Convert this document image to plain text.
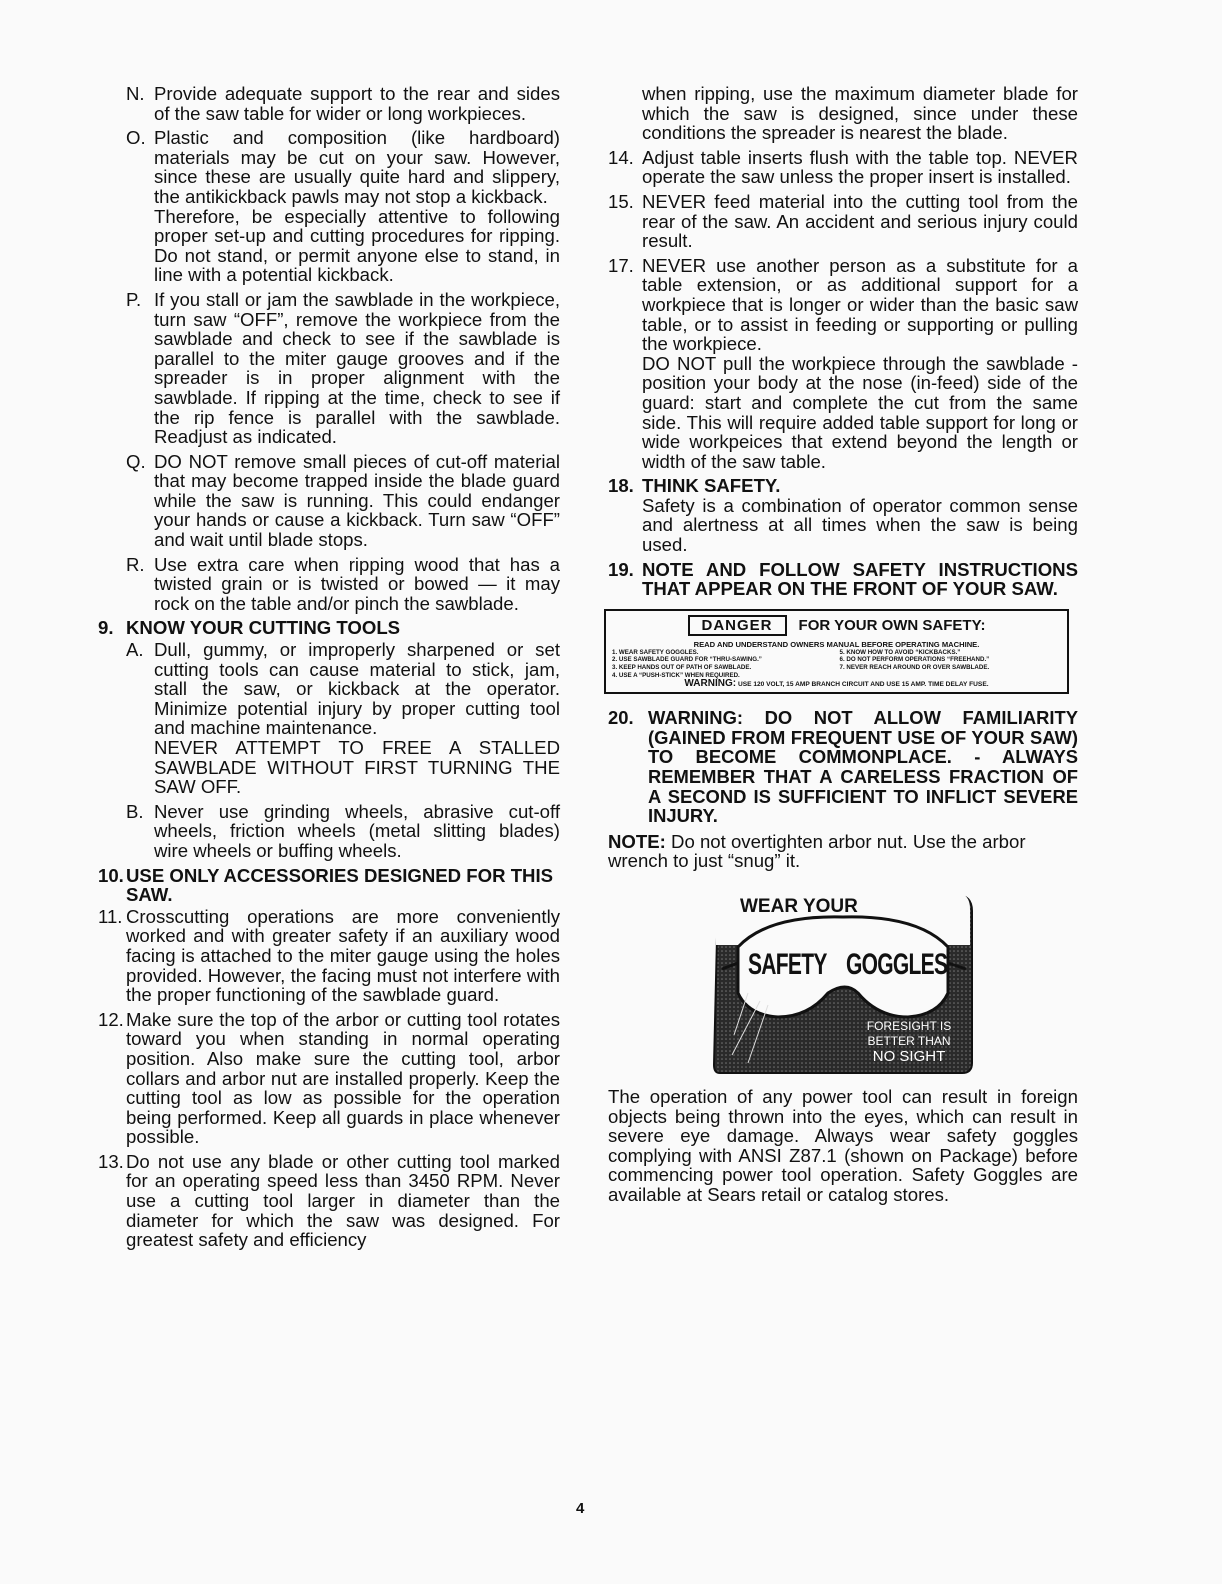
N. Provide adequate support to the rear and sides of the saw table for wider or long workpieces.
O. Plastic and composition (like hardboard) materials may be cut on your saw. However, since these are usually quite hard and slippery, the antikickback pawls may not stop a kickback.
Therefore, be especially attentive to following proper set-up and cutting procedures for ripping. Do not stand, or permit anyone else to stand, in line with a potential kickback.
P. If you stall or jam the sawblade in the workpiece, turn saw “OFF”, remove the workpiece from the sawblade and check to see if the sawblade is parallel to the miter gauge grooves and if the spreader is in proper alignment with the sawblade. If ripping at the time, check to see if the rip fence is parallel with the sawblade. Readjust as indicated.
Q. DO NOT remove small pieces of cut-off material that may become trapped inside the blade guard while the saw is running. This could endanger your hands or cause a kickback. Turn saw “OFF” and wait until blade stops.
R. Use extra care when ripping wood that has a twisted grain or is twisted or bowed — it may rock on the table and/or pinch the sawblade.
9. KNOW YOUR CUTTING TOOLS
A. Dull, gummy, or improperly sharpened or set cutting tools can cause material to stick, jam, stall the saw, or kickback at the operator. Minimize potential injury by proper cutting tool and machine maintenance.
NEVER ATTEMPT TO FREE A STALLED SAWBLADE WITHOUT FIRST TURNING THE SAW OFF.
B. Never use grinding wheels, abrasive cut-off wheels, friction wheels (metal slitting blades) wire wheels or buffing wheels.
10. USE ONLY ACCESSORIES DESIGNED FOR THIS SAW.
11. Crosscutting operations are more conveniently worked and with greater safety if an auxiliary wood facing is attached to the miter gauge using the holes provided. However, the facing must not interfere with the proper functioning of the sawblade guard.
12. Make sure the top of the arbor or cutting tool rotates toward you when standing in normal operating position. Also make sure the cutting tool, arbor collars and arbor nut are installed properly. Keep the cutting tool as low as possible for the operation being performed. Keep all guards in place whenever possible.
13. Do not use any blade or other cutting tool marked for an operating speed less than 3450 RPM. Never use a cutting tool larger in diameter than the diameter for which the saw was designed. For greatest safety and efficiency
when ripping, use the maximum diameter blade for which the saw is designed, since under these conditions the spreader is nearest the blade.
14. Adjust table inserts flush with the table top. NEVER operate the saw unless the proper insert is installed.
15. NEVER feed material into the cutting tool from the rear of the saw. An accident and serious injury could result.
17. NEVER use another person as a substitute for a table extension, or as additional support for a workpiece that is longer or wider than the basic saw table, or to assist in feeding or supporting or pulling the workpiece.
DO NOT pull the workpiece through the sawblade - position your body at the nose (in-feed) side of the guard: start and complete the cut from the same side. This will require added table support for long or wide workpeices that extend beyond the length or width of the saw table.
18. THINK SAFETY.
Safety is a combination of operator common sense and alertness at all times when the saw is being used.
19. NOTE AND FOLLOW SAFETY INSTRUCTIONS THAT APPEAR ON THE FRONT OF YOUR SAW.
DANGER	FOR YOUR OWN SAFETY:
READ AND UNDERSTAND OWNERS MANUAL BEFORE OPERATING MACHINE.
1. WEAR SAFETY GOGGLES.	5. KNOW HOW TO AVOID “KICKBACKS.”
2. USE SAWBLADE GUARD FOR “THRU-SAWING.”	6. DO NOT PERFORM OPERATIONS “FREEHAND.”
3. KEEP HANDS OUT OF PATH OF SAWBLADE.	7. NEVER REACH AROUND OR OVER SAWBLADE.
4. USE A “PUSH-STICK” WHEN REQUIRED.
WARNING: USE 120 VOLT, 15 AMP BRANCH CIRCUIT AND USE 15 AMP. TIME DELAY FUSE.
20. WARNING: DO NOT ALLOW FAMILIARITY (GAINED FROM FREQUENT USE OF YOUR SAW) TO BECOME COMMONPLACE. - ALWAYS REMEMBER THAT A CARELESS FRACTION OF A SECOND IS SUFFICIENT TO INFLICT SEVERE INJURY.
NOTE: Do not overtighten arbor nut. Use the arbor wrench to just “snug” it.
WEAR YOUR
SAFETY GOGGLES
FORESIGHT IS
BETTER THAN
NO SIGHT
The operation of any power tool can result in foreign objects being thrown into the eyes, which can result in severe eye damage. Always wear safety goggles complying with ANSI Z87.1 (shown on Package) before commencing power tool operation. Safety Goggles are available at Sears retail or catalog stores.
4
